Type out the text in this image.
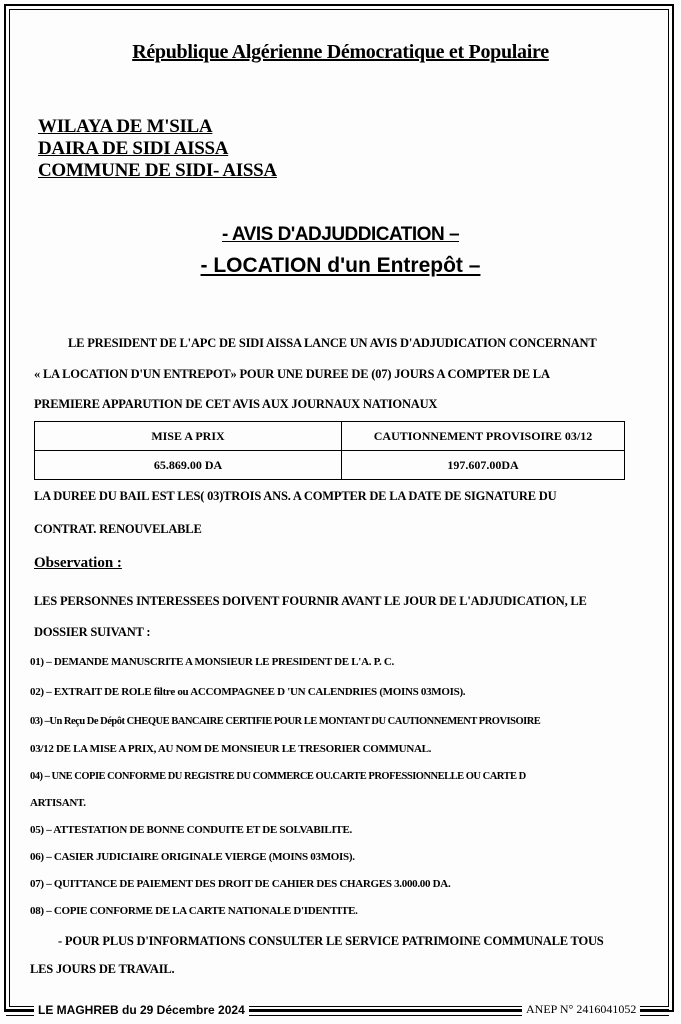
République Algérienne Démocratique et Populaire
WILAYA DE M'SILA
DAIRA DE SIDI AISSA
COMMUNE DE SIDI- AISSA
- AVIS D'ADJUDDICATION –
- LOCATION d'un Entrepôt –
LE PRESIDENT DE L'APC DE SIDI AISSA LANCE UN AVIS D'ADJUDICATION CONCERNANT
« LA LOCATION D'UN ENTREPOT» POUR UNE DUREE DE (07) JOURS A COMPTER DE LA
PREMIERE APPARUTION DE CET AVIS AUX JOURNAUX NATIONAUX
MISE A PRIX	CAUTIONNEMENT PROVISOIRE 03/12
65.869.00 DA	197.607.00DA
LA DUREE DU BAIL EST LES( 03)TROIS ANS. A COMPTER DE LA DATE DE SIGNATURE DU
CONTRAT. RENOUVELABLE
Observation :
LES PERSONNES INTERESSEES DOIVENT FOURNIR AVANT LE JOUR DE L'ADJUDICATION, LE
DOSSIER SUIVANT :
01) – DEMANDE MANUSCRITE A MONSIEUR LE PRESIDENT DE L'A. P. C.
02) – EXTRAIT DE ROLE filtre ou ACCOMPAGNEE D 'UN CALENDRIES (MOINS 03MOIS).
03) –Un Reçu De Dépôt CHEQUE BANCAIRE CERTIFIE POUR LE MONTANT DU CAUTIONNEMENT PROVISOIRE
03/12 DE LA MISE A PRIX, AU NOM DE MONSIEUR LE TRESORIER COMMUNAL.
04) – UNE COPIE CONFORME DU REGISTRE DU COMMERCE OU.CARTE PROFESSIONNELLE OU CARTE D
ARTISANT.
05) – ATTESTATION DE BONNE CONDUITE ET DE SOLVABILITE.
06) – CASIER JUDICIAIRE ORIGINALE VIERGE (MOINS 03MOIS).
07) – QUITTANCE DE PAIEMENT DES DROIT DE CAHIER DES CHARGES 3.000.00 DA.
08) – COPIE CONFORME DE LA CARTE NATIONALE D'IDENTITE.
- POUR PLUS D'INFORMATIONS CONSULTER LE SERVICE PATRIMOINE COMMUNALE TOUS
LES JOURS DE TRAVAIL.
LE MAGHREB du 29 Décembre 2024	ANEP N° 2416041052
